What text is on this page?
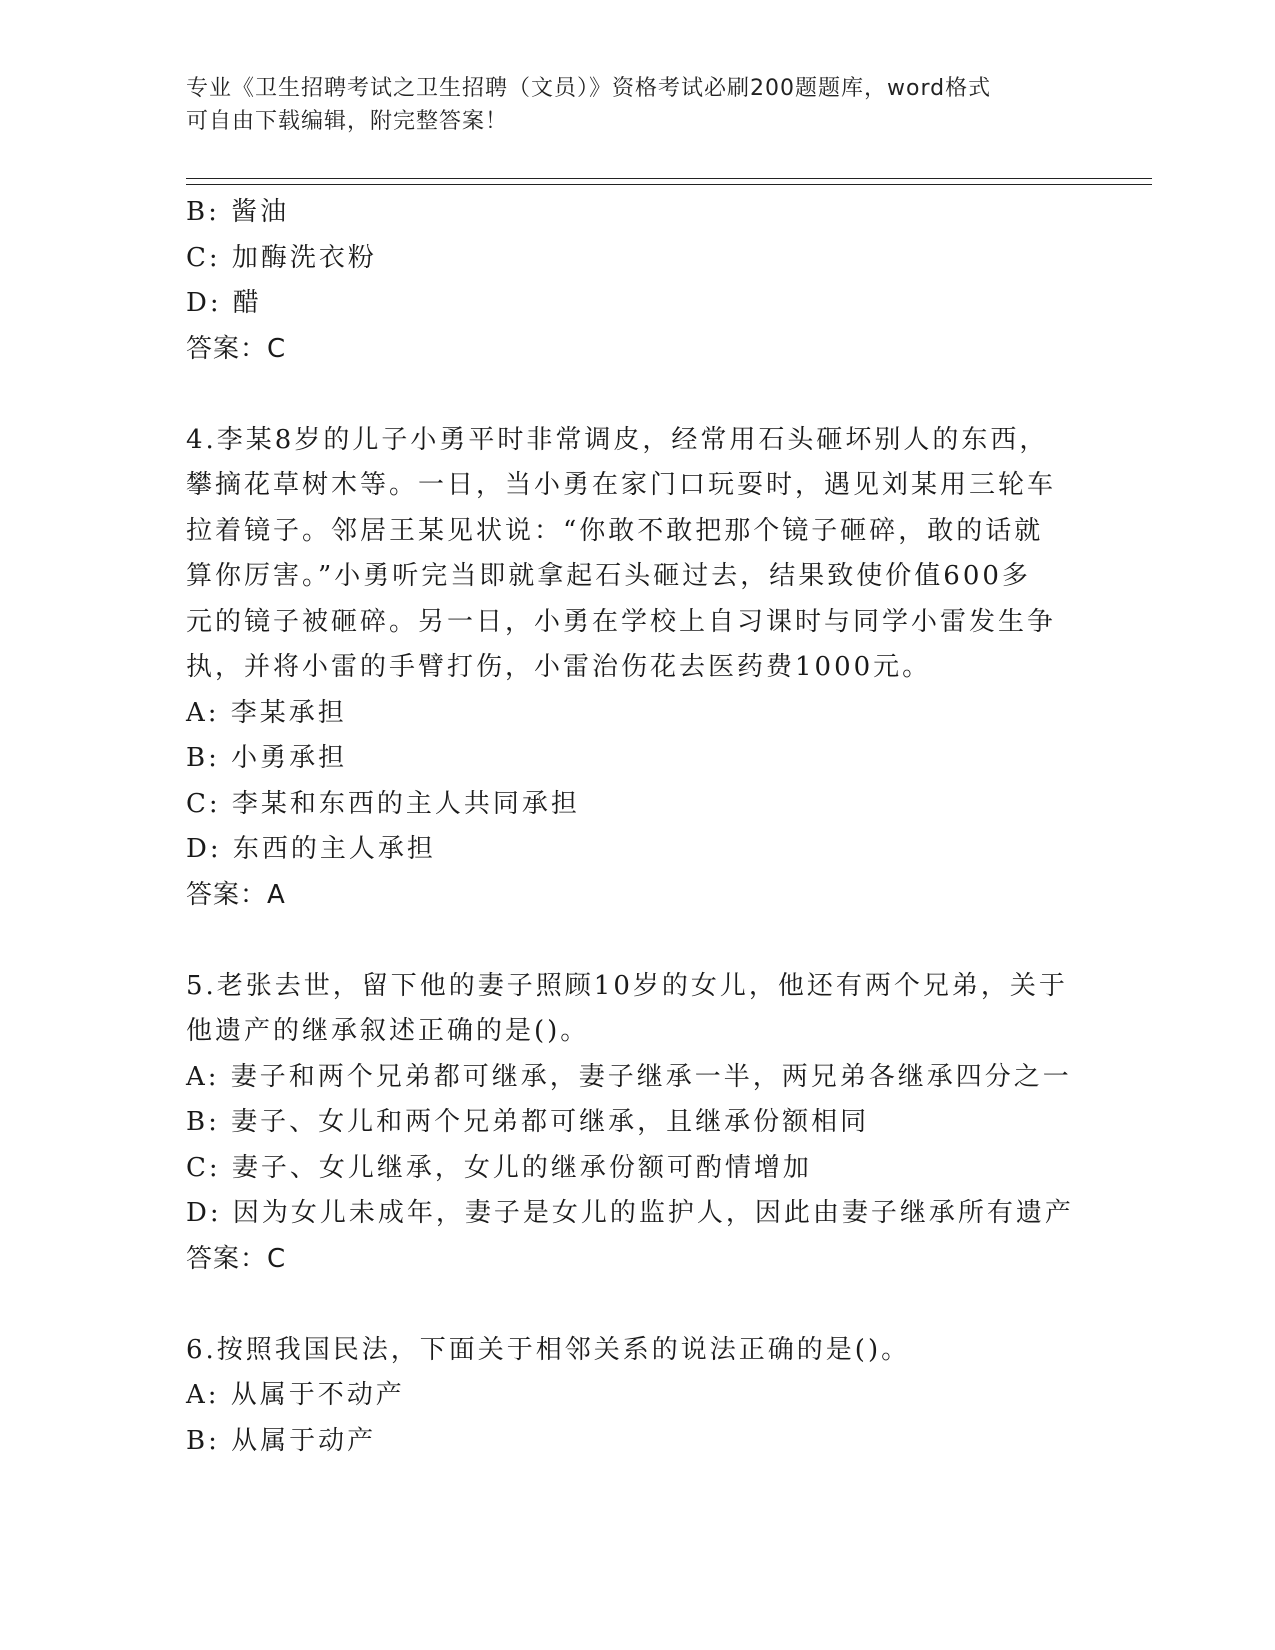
专业《卫生招聘考试之卫生招聘（文员）》资格考试必刷200题题库，word格式
可自由下载编辑，附完整答案！
B: 酱油
C: 加酶洗衣粉
D: 醋
答案：C
4.李某8岁的儿子小勇平时非常调皮，经常用石头砸坏别人的东西，
攀摘花草树木等。一日，当小勇在家门口玩耍时，遇见刘某用三轮车
拉着镜子。邻居王某见状说：“你敢不敢把那个镜子砸碎，敢的话就
算你厉害。”小勇听完当即就拿起石头砸过去，结果致使价值600多
元的镜子被砸碎。另一日，小勇在学校上自习课时与同学小雷发生争
执，并将小雷的手臂打伤，小雷治伤花去医药费1000元。
A: 李某承担
B: 小勇承担
C: 李某和东西的主人共同承担
D: 东西的主人承担
答案：A
5.老张去世，留下他的妻子照顾10岁的女儿，他还有两个兄弟，关于
他遗产的继承叙述正确的是()。
A: 妻子和两个兄弟都可继承，妻子继承一半，两兄弟各继承四分之一
B: 妻子、女儿和两个兄弟都可继承，且继承份额相同
C: 妻子、女儿继承，女儿的继承份额可酌情增加
D: 因为女儿未成年，妻子是女儿的监护人，因此由妻子继承所有遗产
答案：C
6.按照我国民法，下面关于相邻关系的说法正确的是()。
A: 从属于不动产
B: 从属于动产
